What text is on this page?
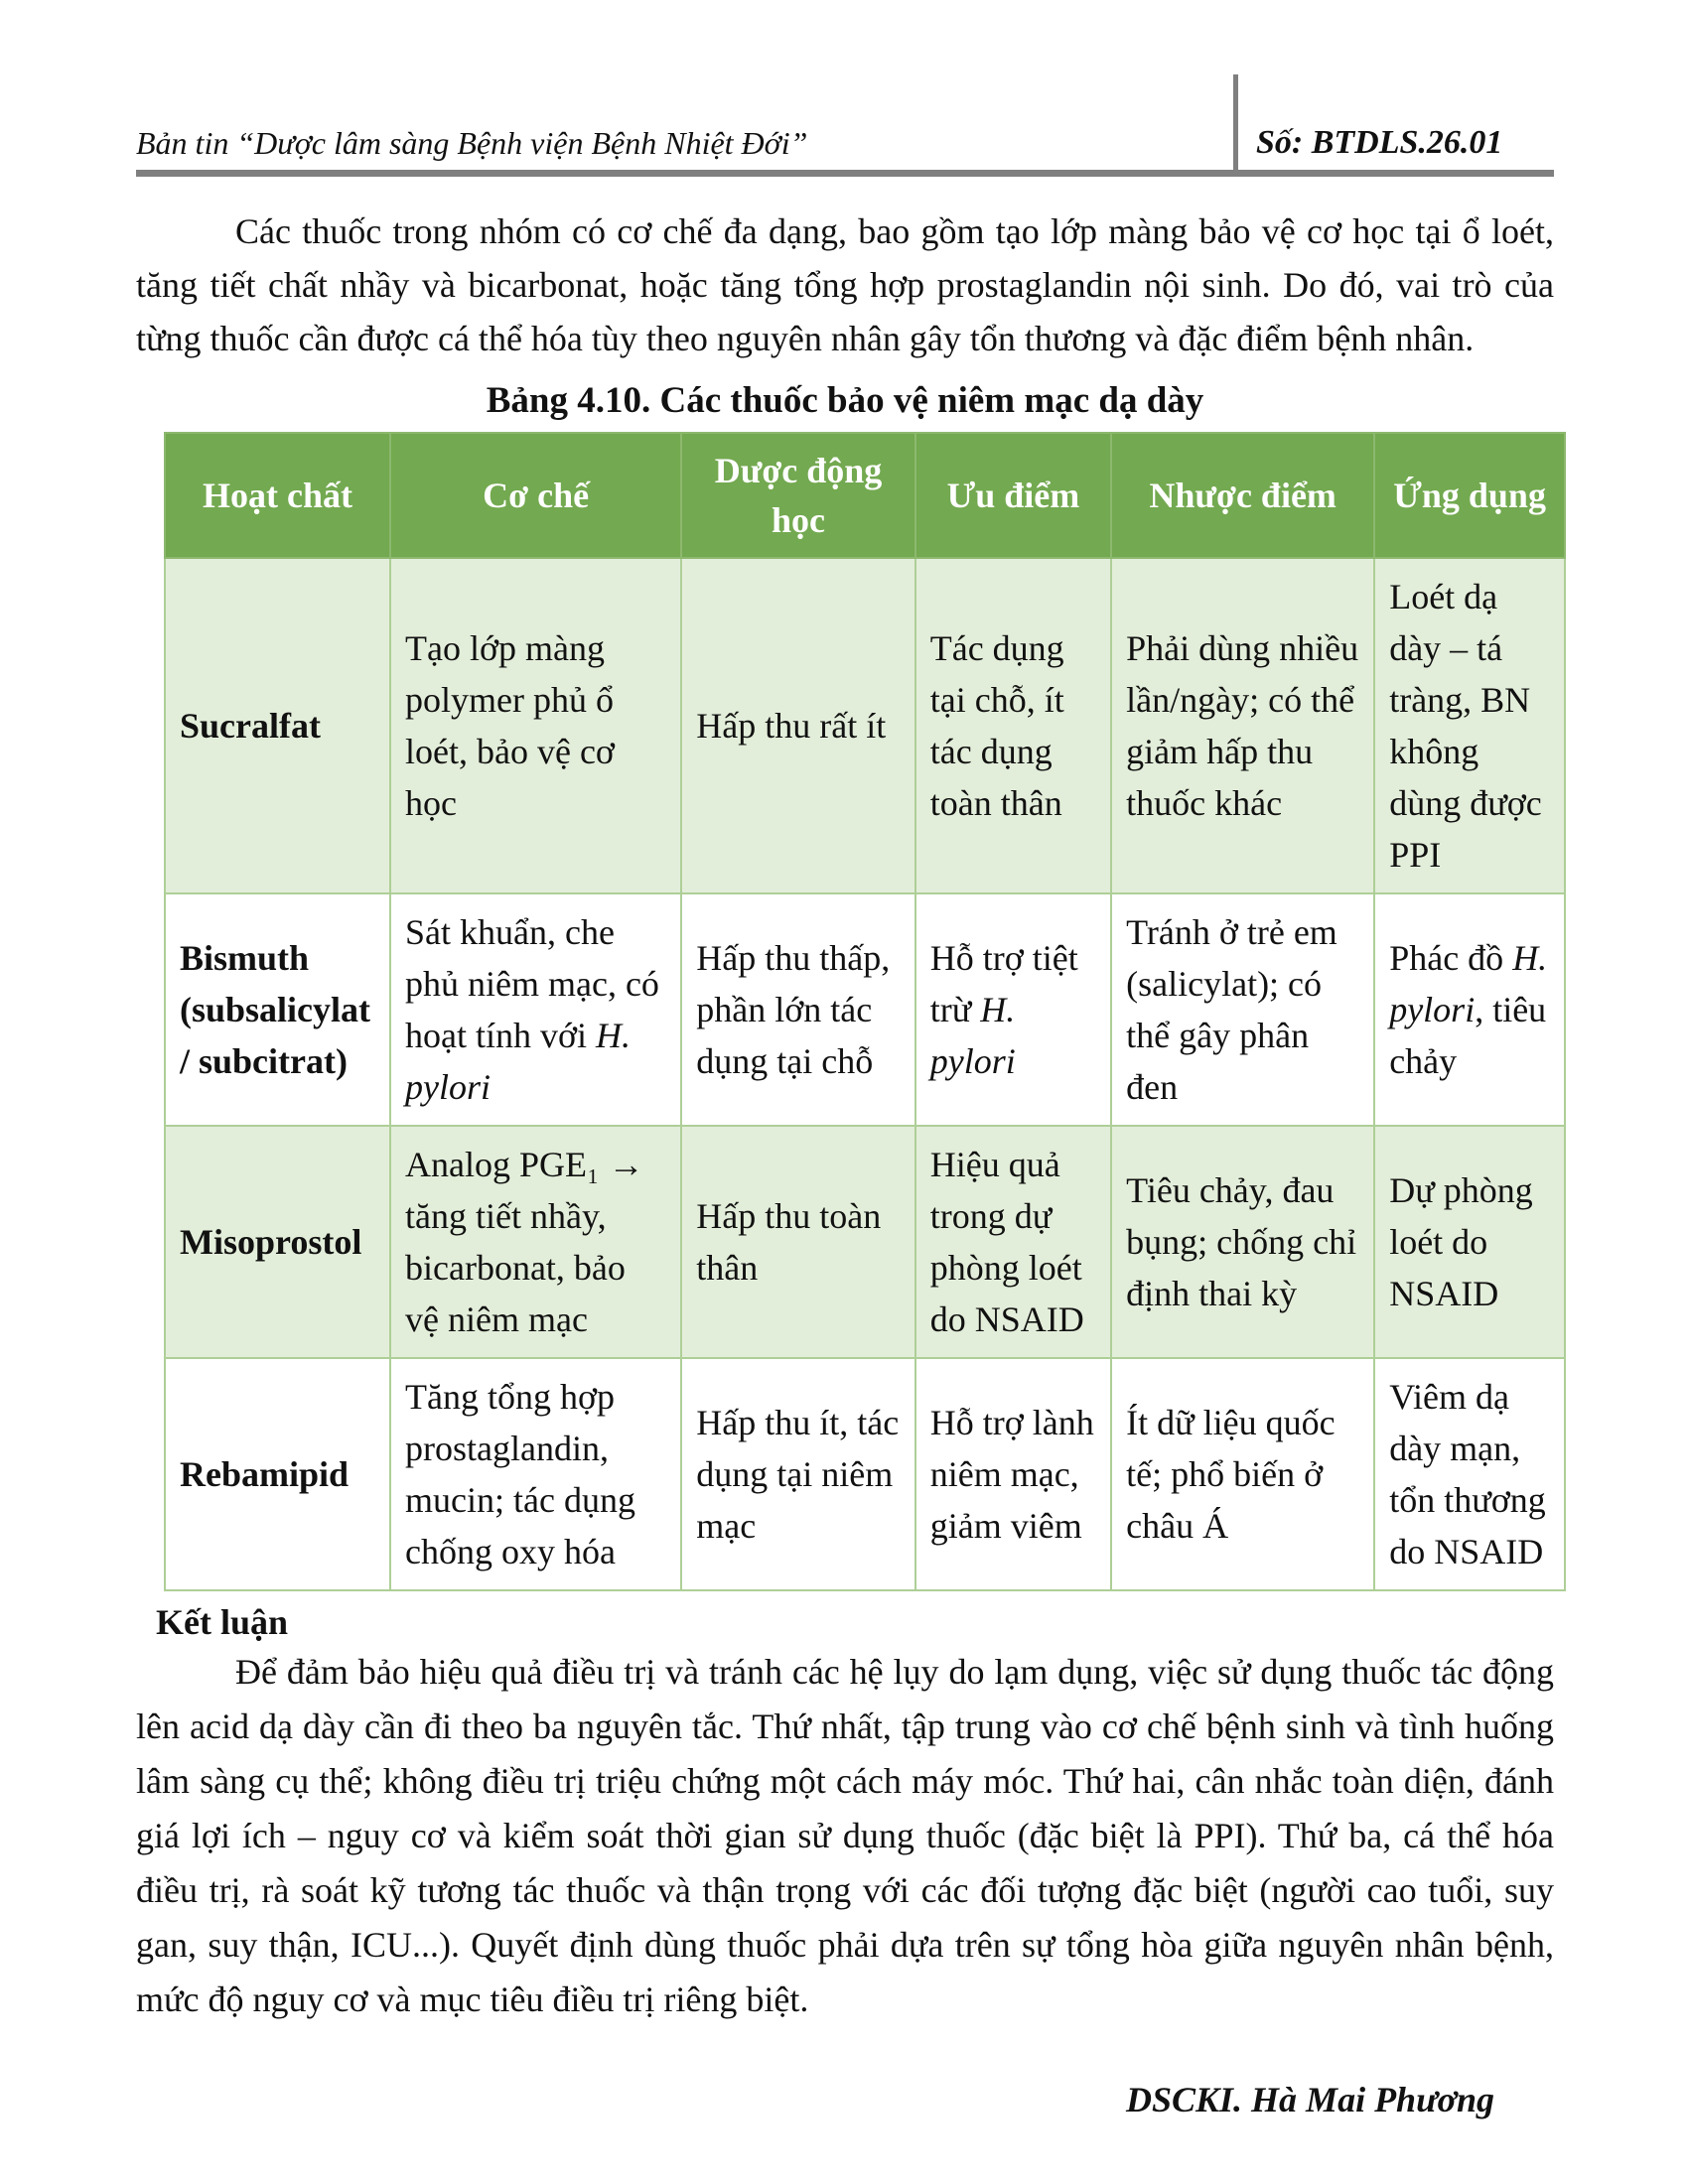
Bản tin “Dược lâm sàng Bệnh viện Bệnh Nhiệt Đới”	Số: BTDLS.26.01

Các thuốc trong nhóm có cơ chế đa dạng, bao gồm tạo lớp màng bảo vệ cơ học tại ổ loét, tăng tiết chất nhầy và bicarbonat, hoặc tăng tổng hợp prostaglandin nội sinh. Do đó, vai trò của từng thuốc cần được cá thể hóa tùy theo nguyên nhân gây tổn thương và đặc điểm bệnh nhân.

Bảng 4.10. Các thuốc bảo vệ niêm mạc dạ dày
Hoạt chất	Cơ chế	Dược động học	Ưu điểm	Nhược điểm	Ứng dụng
Sucralfat	Tạo lớp màng polymer phủ ổ loét, bảo vệ cơ học	Hấp thu rất ít	Tác dụng tại chỗ, ít tác dụng toàn thân	Phải dùng nhiều lần/ngày; có thể giảm hấp thu thuốc khác	Loét dạ dày – tá tràng, BN không dùng được PPI
Bismuth (subsalicylat/ subcitrat)	Sát khuẩn, che phủ niêm mạc, có hoạt tính với H. pylori	Hấp thu thấp, phần lớn tác dụng tại chỗ	Hỗ trợ tiệt trừ H. pylori	Tránh ở trẻ em (salicylat); có thể gây phân đen	Phác đồ H. pylori, tiêu chảy
Misoprostol	Analog PGE₁ → tăng tiết nhầy, bicarbonat, bảo vệ niêm mạc	Hấp thu toàn thân	Hiệu quả trong dự phòng loét do NSAID	Tiêu chảy, đau bụng; chống chỉ định thai kỳ	Dự phòng loét do NSAID
Rebamipid	Tăng tổng hợp prostaglandin, mucin; tác dụng chống oxy hóa	Hấp thu ít, tác dụng tại niêm mạc	Hỗ trợ lành niêm mạc, giảm viêm	Ít dữ liệu quốc tế; phổ biến ở châu Á	Viêm dạ dày mạn, tổn thương do NSAID
Kết luận

Để đảm bảo hiệu quả điều trị và tránh các hệ lụy do lạm dụng, việc sử dụng thuốc tác động lên acid dạ dày cần đi theo ba nguyên tắc. Thứ nhất, tập trung vào cơ chế bệnh sinh và tình huống lâm sàng cụ thể; không điều trị triệu chứng một cách máy móc. Thứ hai, cân nhắc toàn diện, đánh giá lợi ích – nguy cơ và kiểm soát thời gian sử dụng thuốc (đặc biệt là PPI). Thứ ba, cá thể hóa điều trị, rà soát kỹ tương tác thuốc và thận trọng với các đối tượng đặc biệt (người cao tuổi, suy gan, suy thận, ICU...). Quyết định dùng thuốc phải dựa trên sự tổng hòa giữa nguyên nhân bệnh, mức độ nguy cơ và mục tiêu điều trị riêng biệt.

DSCKI. Hà Mai Phương
